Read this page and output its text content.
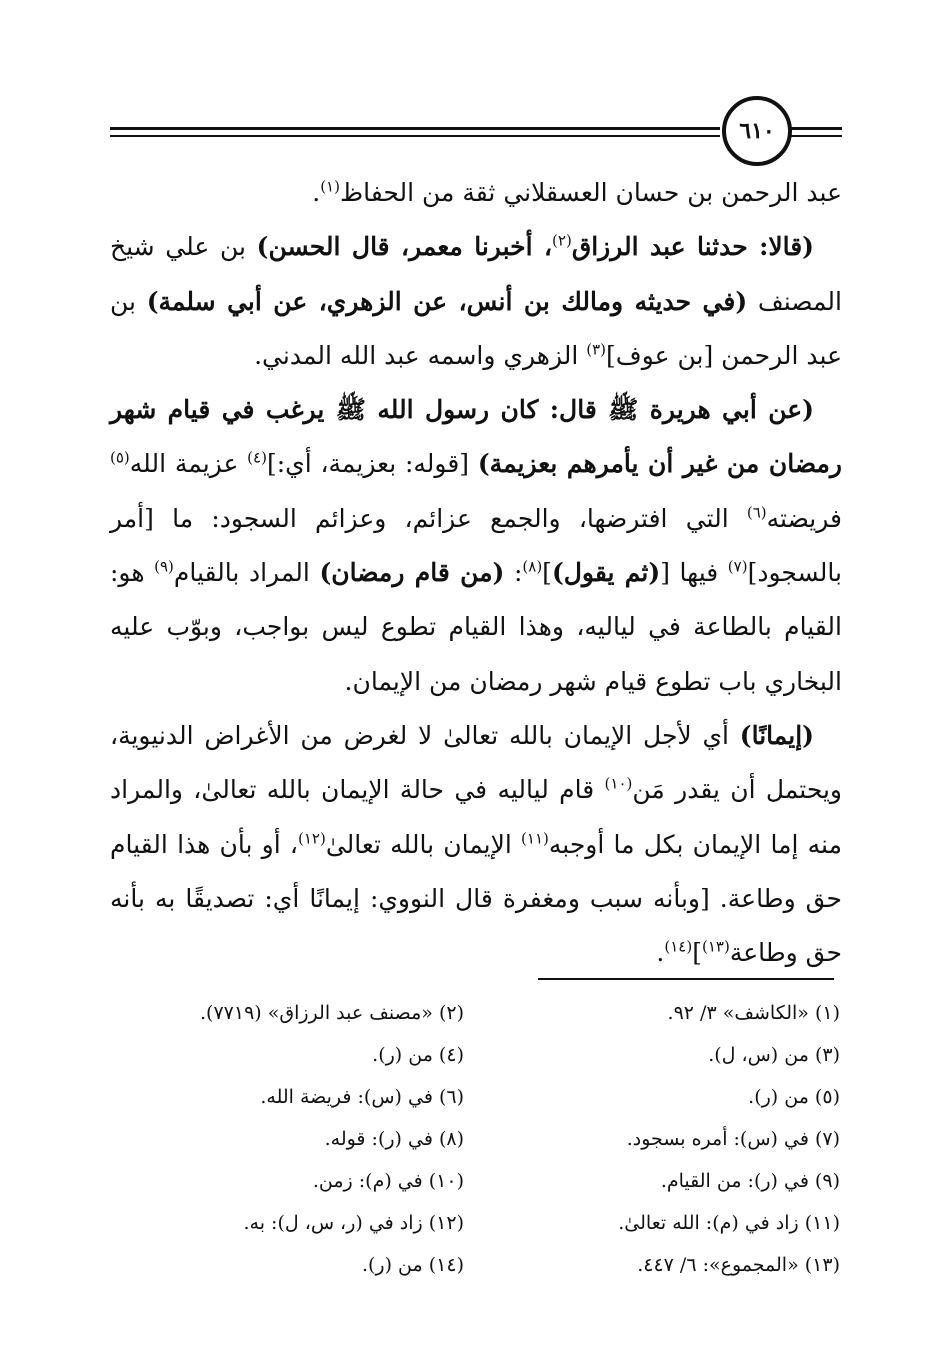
٦١٠

عبد الرحمن بن حسان العسقلاني ثقة من الحفاظ$^{(١)}$.

(قالا: حدثنا عبد الرزاق$^{(٢)}$، أخبرنا معمر، قال الحسن) بن علي شيخ المصنف (في حديثه ومالك بن أنس، عن الزهري، عن أبي سلمة) بن عبد الرحمن [بن عوف]$^{(٣)}$ الزهري واسمه عبد الله المدني.

(عن أبي هريرة ﷺ قال: كان رسول الله ﷺ يرغب في قيام شهر رمضان من غير أن يأمرهم بعزيمة) [قوله: بعزيمة، أي:]$^{(٤)}$ عزيمة الله$^{(٥)}$ فريضته$^{(٦)}$ التي افترضها، والجمع عزائم، وعزائم السجود: ما [أمر بالسجود]$^{(٧)}$ فيها [(ثم يقول)]$^{(٨)}$: (من قام رمضان) المراد بالقيام$^{(٩)}$ هو: القيام بالطاعة في لياليه، وهذا القيام تطوع ليس بواجب، وبوّب عليه البخاري باب تطوع قيام شهر رمضان من الإيمان.

(إيمانًا) أي لأجل الإيمان بالله تعالىٰ لا لغرض من الأغراض الدنيوية، ويحتمل أن يقدر مَن$^{(١٠)}$ قام لياليه في حالة الإيمان بالله تعالىٰ، والمراد منه إما الإيمان بكل ما أوجبه$^{(١١)}$ الإيمان بالله تعالىٰ$^{(١٢)}$، أو بأن هذا القيام حق وطاعة. [وبأنه سبب ومغفرة قال النووي: إيمانًا أي: تصديقًا به بأنه حق وطاعة$^{(١٣)}$]$^{(١٤)}$.

(١) «الكاشف» ٣/ ٩٢.
(٢) «مصنف عبد الرزاق» (٧٧١٩).
(٣) من (س، ل).
(٤) من (ر).
(٥) من (ر).
(٦) في (س): فريضة الله.
(٧) في (س): أمره بسجود.
(٨) في (ر): قوله.
(٩) في (ر): من القيام.
(١٠) في (م): زمن.
(١١) زاد في (م): الله تعالىٰ.
(١٢) زاد في (ر، س، ل): به.
(١٣) «المجموع»: ٦/ ٤٤٧.
(١٤) من (ر).
